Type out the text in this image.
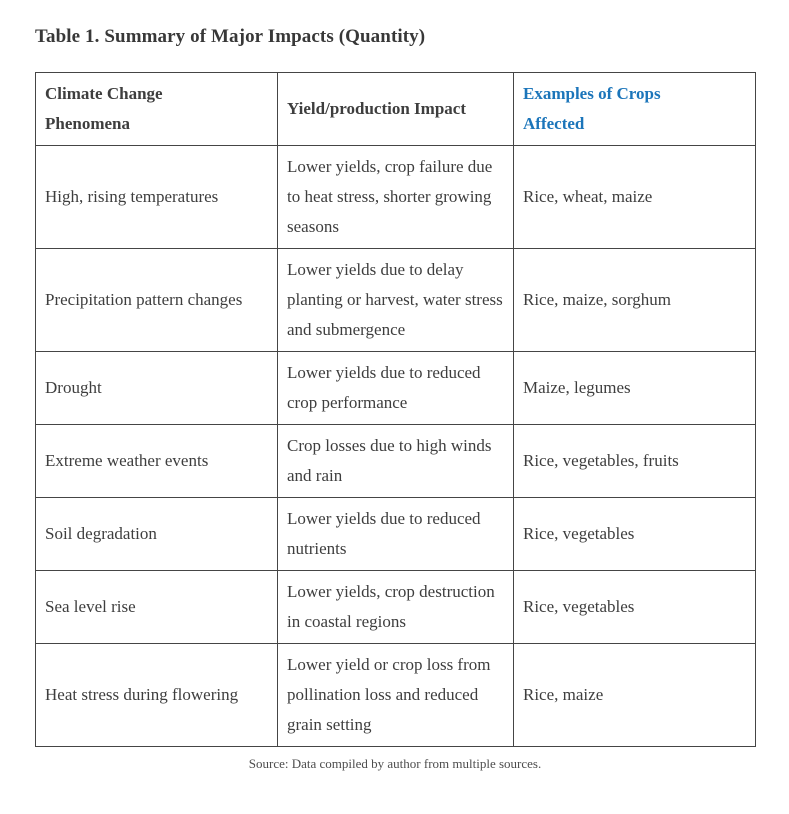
Table 1. Summary of Major Impacts (Quantity)
Climate Change Phenomena	Yield/production Impact	Examples of Crops Affected
High, rising temperatures	Lower yields, crop failure due to heat stress, shorter growing seasons	Rice, wheat, maize
Precipitation pattern changes	Lower yields due to delay planting or harvest, water stress and submergence	Rice, maize, sorghum
Drought	Lower yields due to reduced crop performance	Maize, legumes
Extreme weather events	Crop losses due to high winds and rain	Rice, vegetables, fruits
Soil degradation	Lower yields due to reduced nutrients	Rice, vegetables
Sea level rise	Lower yields, crop destruction in coastal regions	Rice, vegetables
Heat stress during flowering	Lower yield or crop loss from pollination loss and reduced grain setting	Rice, maize
Source: Data compiled by author from multiple sources.
